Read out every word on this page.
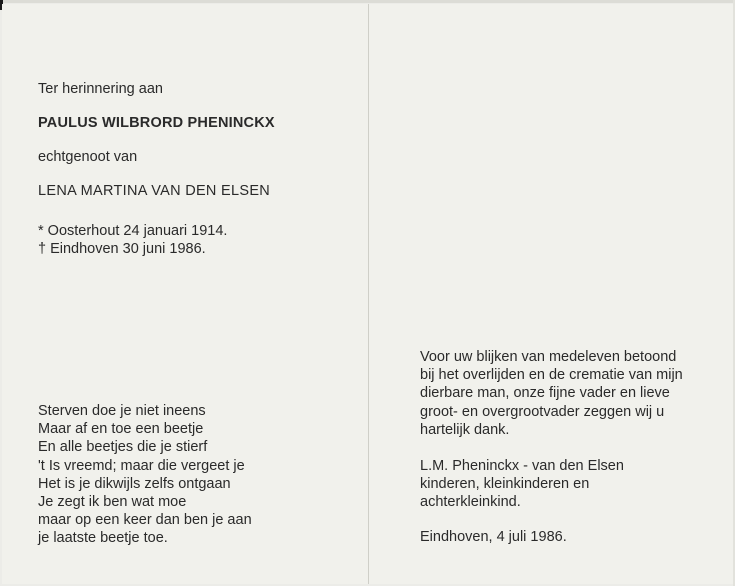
Ter herinnering aan

PAULUS WILBRORD PHENINCKX

echtgenoot van

LENA MARTINA VAN DEN ELSEN

* Oosterhout 24 januari 1914.

† Eindhoven 30 juni 1986.

Sterven doe je niet ineens
Maar af en toe een beetje
En alle beetjes die je stierf
't Is vreemd; maar die vergeet je
Het is je dikwijls zelfs ontgaan
Je zegt ik ben wat moe
maar op een keer dan ben je aan
je laatste beetje toe.
Voor uw blijken van medeleven betoond
bij het overlijden en de crematie van mijn
dierbare man, onze fijne vader en lieve
groot- en overgrootvader zeggen wij u
hartelijk dank.
L.M. Pheninckx - van den Elsen
kinderen, kleinkinderen en
achterkleinkind.

Eindhoven, 4 juli 1986.
